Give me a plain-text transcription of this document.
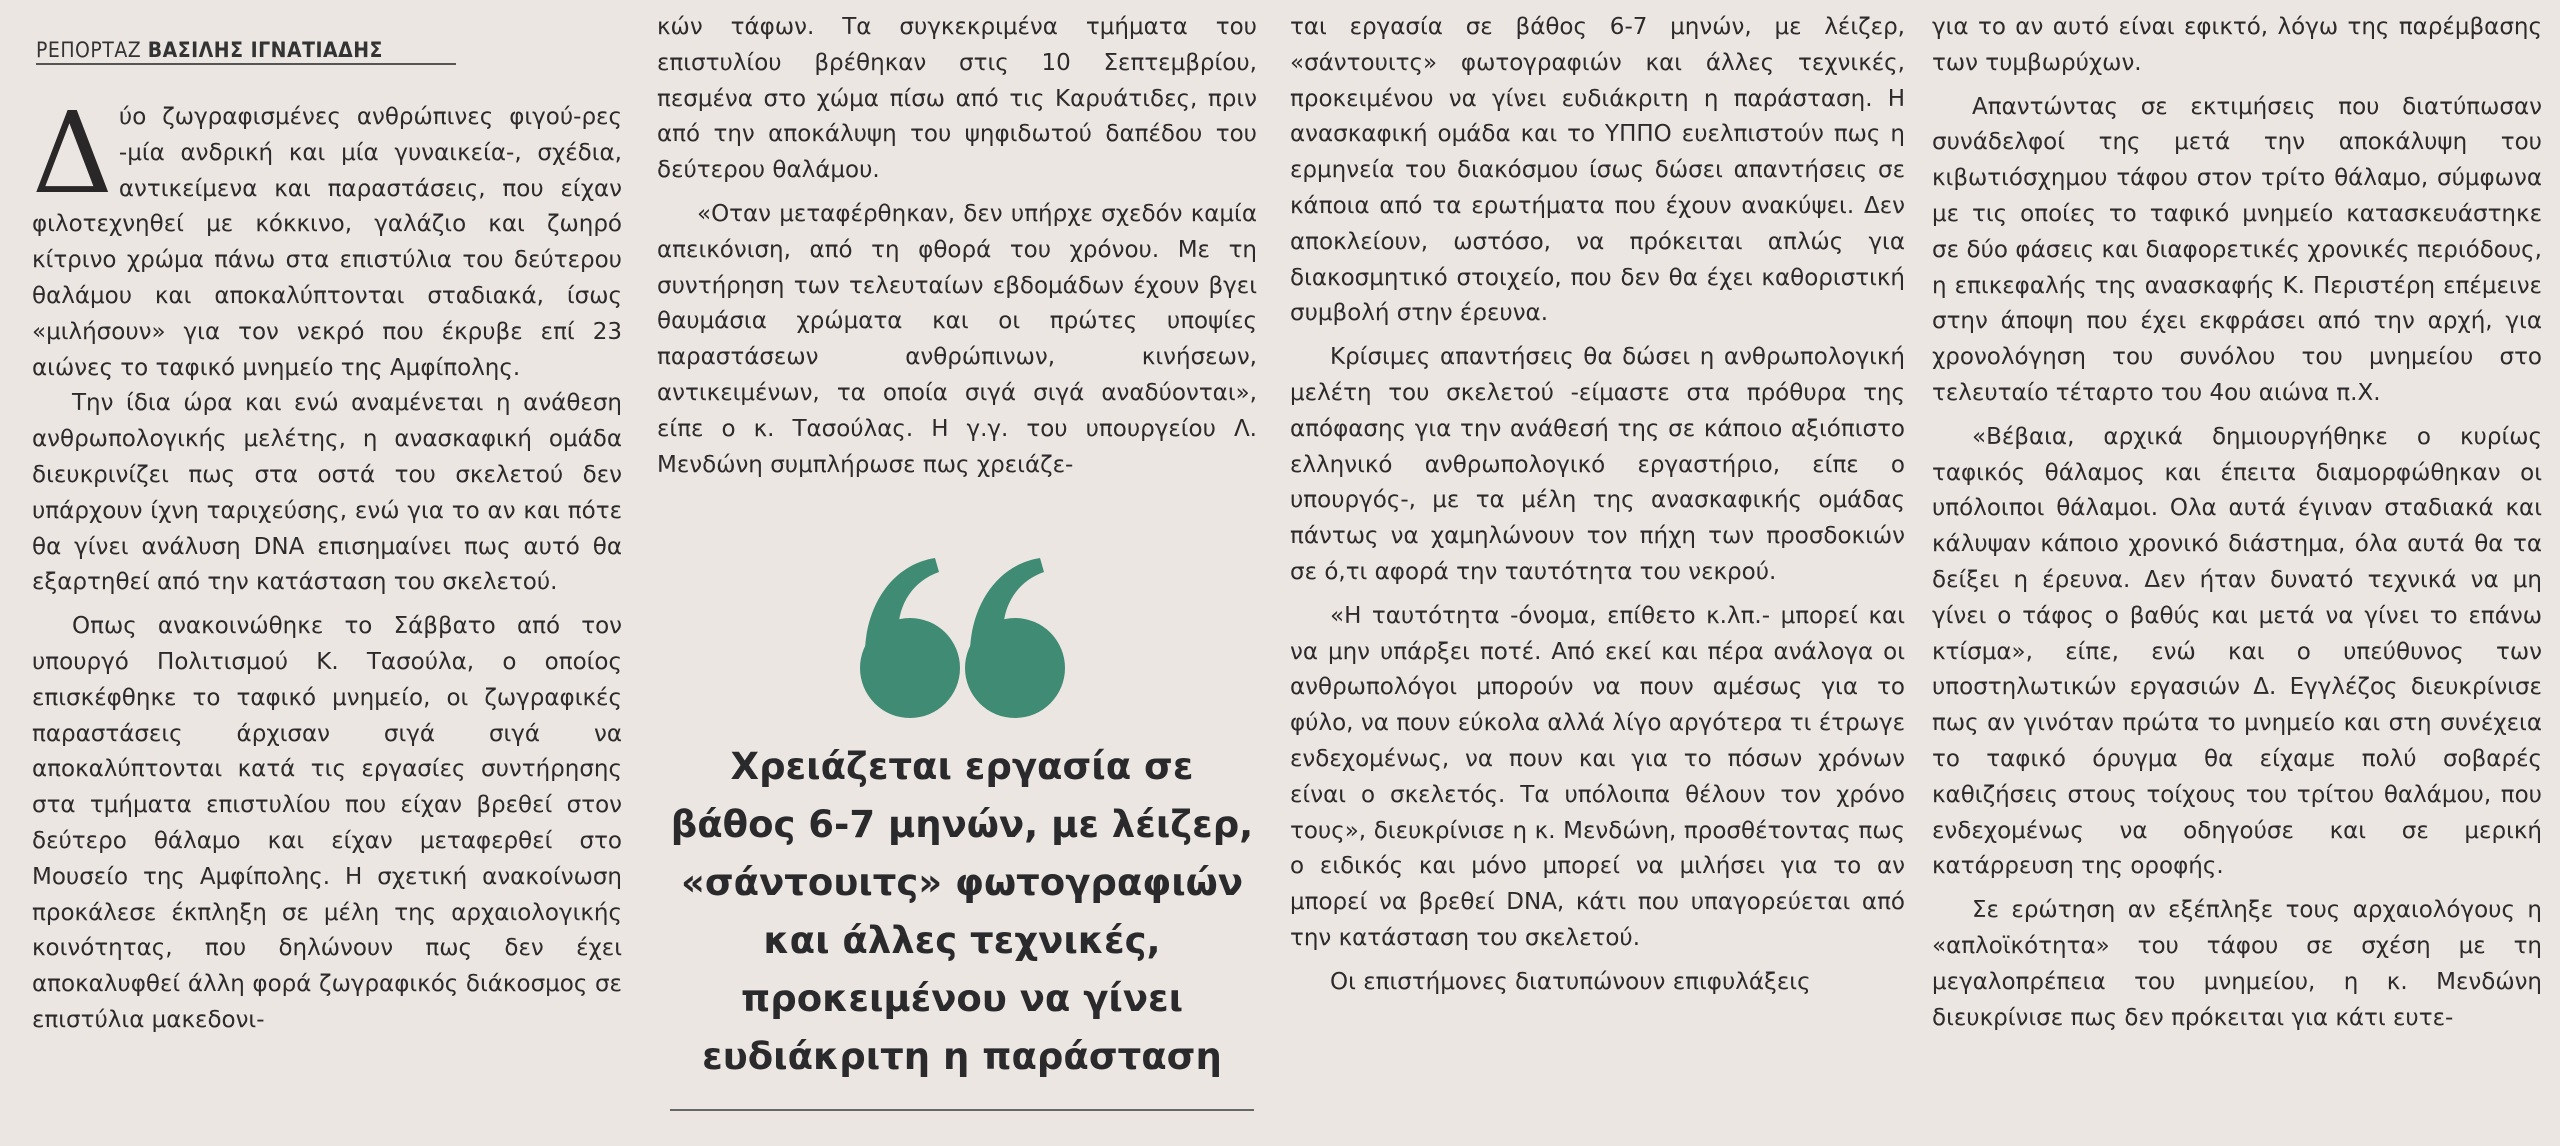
ΡΕΠΟΡΤΑΖ ΒΑΣΙΛΗΣ ΙΓΝΑΤΙΑΔΗΣ

Δύο ζωγραφισμένες ανθρώπινες φιγού-ρες -μία ανδρική και μία γυναικεία-, σχέδια, αντικείμενα και παραστάσεις, που είχαν φιλοτεχνηθεί με κόκκινο, γαλάζιο και ζωηρό κίτρινο χρώμα πάνω στα επιστύλια του δεύτερου θαλάμου και αποκαλύπτονται σταδιακά, ίσως «μιλήσουν» για τον νεκρό που έκρυβε επί 23 αιώνες το ταφικό μνημείο της Αμφίπολης.

Την ίδια ώρα και ενώ αναμένεται η ανάθεση ανθρωπολογικής μελέτης, η ανασκαφική ομάδα διευκρινίζει πως στα οστά του σκελετού δεν υπάρχουν ίχνη ταριχεύσης, ενώ για το αν και πότε θα γίνει ανάλυση DNA επισημαίνει πως αυτό θα εξαρτηθεί από την κατάσταση του σκελετού.

Οπως ανακοινώθηκε το Σάββατο από τον υπουργό Πολιτισμού Κ. Τασούλα, ο οποίος επισκέφθηκε το ταφικό μνημείο, οι ζωγραφικές παραστάσεις άρχισαν σιγά σιγά να αποκαλύπτονται κατά τις εργασίες συντήρησης στα τμήματα επιστυλίου που είχαν βρεθεί στον δεύτερο θάλαμο και είχαν μεταφερθεί στο Μουσείο της Αμφίπολης. Η σχετική ανακοίνωση προκάλεσε έκπληξη σε μέλη της αρχαιολογικής κοινότητας, που δηλώνουν πως δεν έχει αποκαλυφθεί άλλη φορά ζωγραφικός διάκοσμος σε επιστύλια μακεδονι-

κών τάφων. Τα συγκεκριμένα τμήματα του επιστυλίου βρέθηκαν στις 10 Σεπτεμβρίου, πεσμένα στο χώμα πίσω από τις Καρυάτιδες, πριν από την αποκάλυψη του ψηφιδωτού δαπέδου του δεύτερου θαλάμου.

«Οταν μεταφέρθηκαν, δεν υπήρχε σχεδόν καμία απεικόνιση, από τη φθορά του χρόνου. Με τη συντήρηση των τελευταίων εβδομάδων έχουν βγει θαυμάσια χρώματα και οι πρώτες υποψίες παραστάσεων ανθρώπινων, κινήσεων, αντικειμένων, τα οποία σιγά σιγά αναδύονται», είπε ο κ. Τασούλας. Η γ.γ. του υπουργείου Λ. Μενδώνη συμπλήρωσε πως χρειάζε-

Χρειάζεται εργασία σε βάθος 6-7 μηνών, με λέιζερ, «σάντουιτς» φωτογραφιών και άλλες τεχνικές, προκειμένου να γίνει ευδιάκριτη η παράσταση

ται εργασία σε βάθος 6-7 μηνών, με λέιζερ, «σάντουιτς» φωτογραφιών και άλλες τεχνικές, προκειμένου να γίνει ευδιάκριτη η παράσταση. Η ανασκαφική ομάδα και το ΥΠΠΟ ευελπιστούν πως η ερμηνεία του διακόσμου ίσως δώσει απαντήσεις σε κάποια από τα ερωτήματα που έχουν ανακύψει. Δεν αποκλείουν, ωστόσο, να πρόκειται απλώς για διακοσμητικό στοιχείο, που δεν θα έχει καθοριστική συμβολή στην έρευνα.

Κρίσιμες απαντήσεις θα δώσει η ανθρωπολογική μελέτη του σκελετού -είμαστε στα πρόθυρα της απόφασης για την ανάθεσή της σε κάποιο αξιόπιστο ελληνικό ανθρωπολογικό εργαστήριο, είπε ο υπουργός-, με τα μέλη της ανασκαφικής ομάδας πάντως να χαμηλώνουν τον πήχη των προσδοκιών σε ό,τι αφορά την ταυτότητα του νεκρού.

«Η ταυτότητα -όνομα, επίθετο κ.λπ.- μπορεί και να μην υπάρξει ποτέ. Από εκεί και πέρα ανάλογα οι ανθρωπολόγοι μπορούν να πουν αμέσως για το φύλο, να πουν εύκολα αλλά λίγο αργότερα τι έτρωγε ενδεχομένως, να πουν και για το πόσων χρόνων είναι ο σκελετός. Τα υπόλοιπα θέλουν τον χρόνο τους», διευκρίνισε η κ. Μενδώνη, προσθέτοντας πως ο ειδικός και μόνο μπορεί να μιλήσει για το αν μπορεί να βρεθεί DNA, κάτι που υπαγορεύεται από την κατάσταση του σκελετού.

Οι επιστήμονες διατυπώνουν επιφυλάξεις

για το αν αυτό είναι εφικτό, λόγω της παρέμβασης των τυμβωρύχων.

Απαντώντας σε εκτιμήσεις που διατύπωσαν συνάδελφοί της μετά την αποκάλυψη του κιβωτιόσχημου τάφου στον τρίτο θάλαμο, σύμφωνα με τις οποίες το ταφικό μνημείο κατασκευάστηκε σε δύο φάσεις και διαφορετικές χρονικές περιόδους, η επικεφαλής της ανασκαφής Κ. Περιστέρη επέμεινε στην άποψη που έχει εκφράσει από την αρχή, για χρονολόγηση του συνόλου του μνημείου στο τελευταίο τέταρτο του 4ου αιώνα π.Χ.

«Βέβαια, αρχικά δημιουργήθηκε ο κυρίως ταφικός θάλαμος και έπειτα διαμορφώθηκαν οι υπόλοιποι θάλαμοι. Ολα αυτά έγιναν σταδιακά και κάλυψαν κάποιο χρονικό διάστημα, όλα αυτά θα τα δείξει η έρευνα. Δεν ήταν δυνατό τεχνικά να μη γίνει ο τάφος ο βαθύς και μετά να γίνει το επάνω κτίσμα», είπε, ενώ και ο υπεύθυνος των υποστηλωτικών εργασιών Δ. Εγγλέζος διευκρίνισε πως αν γινόταν πρώτα το μνημείο και στη συνέχεια το ταφικό όρυγμα θα είχαμε πολύ σοβαρές καθιζήσεις στους τοίχους του τρίτου θαλάμου, που ενδεχομένως να οδηγούσε και σε μερική κατάρρευση της οροφής.

Σε ερώτηση αν εξέπληξε τους αρχαιολόγους η «απλοϊκότητα» του τάφου σε σχέση με τη μεγαλοπρέπεια του μνημείου, η κ. Μενδώνη διευκρίνισε πως δεν πρόκειται για κάτι ευτε-
